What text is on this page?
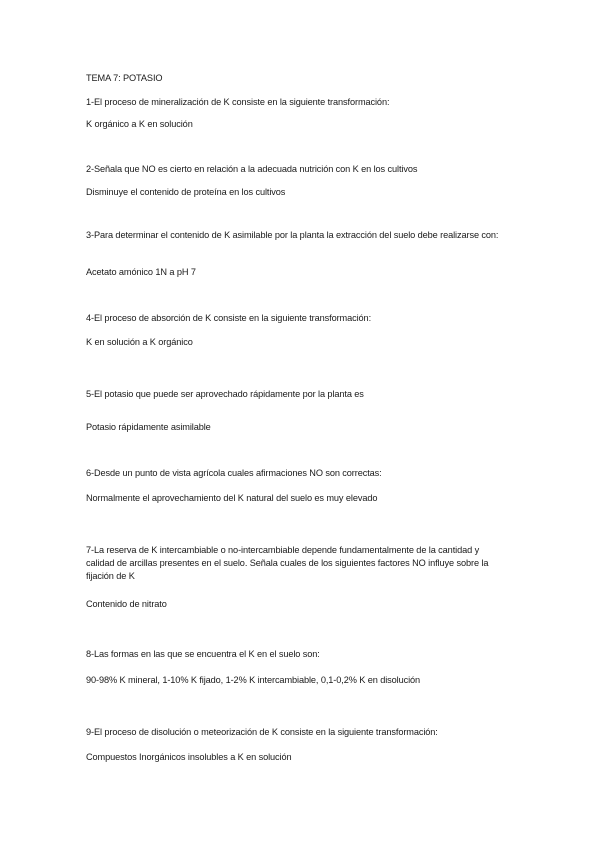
TEMA 7: POTASIO
1-El proceso de mineralización de K consiste en la siguiente transformación:
K orgánico a K en solución
2-Señala que NO es cierto en relación a la adecuada nutrición con K en los cultivos
Disminuye el contenido de proteína en los cultivos
3-Para determinar el contenido de K asimilable por la planta la extracción del suelo debe realizarse con:
Acetato amónico 1N a pH 7
4-El proceso de absorción de K consiste en la siguiente transformación:
K en solución a K orgánico
5-El potasio que puede ser aprovechado rápidamente por la planta es
Potasio rápidamente asimilable
6-Desde un punto de vista agrícola cuales afirmaciones NO son correctas:
Normalmente el aprovechamiento del K natural del suelo es muy elevado
7-La reserva de K intercambiable o no-intercambiable depende fundamentalmente de la cantidad y calidad de arcillas presentes en el suelo. Señala cuales de los siguientes factores NO influye sobre la fijación de K
Contenido de nitrato
8-Las formas en las que se encuentra el K en el suelo son:
90-98% K mineral, 1-10% K fijado, 1-2% K intercambiable, 0,1-0,2% K en disolución
9-El proceso de disolución o meteorización de K consiste en la siguiente transformación:
Compuestos Inorgánicos insolubles a K en solución
